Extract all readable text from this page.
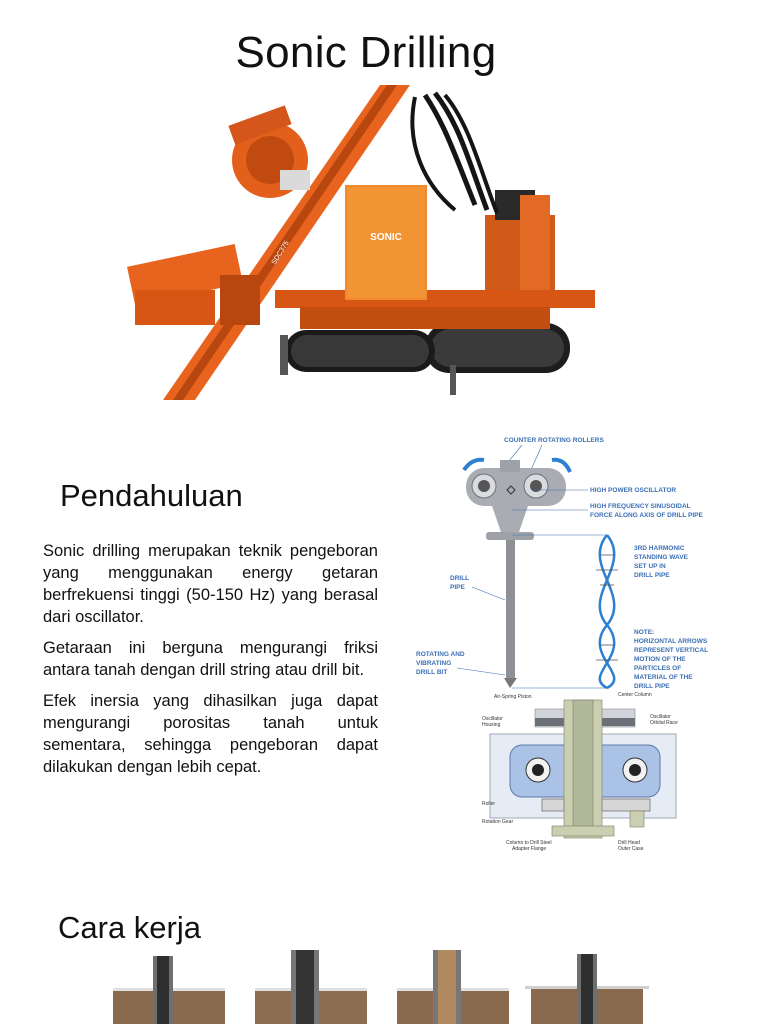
Sonic Drilling
SONIC
SDC375
Pendahuluan

Sonic drilling merupakan teknik pengeboran yang menggunakan energy getaran berfrekuensi tinggi (50-150 Hz) yang berasal dari oscillator.

Getaraan ini berguna mengurangi friksi antara tanah dengan drill string atau drill bit.

Efek inersia yang dihasilkan juga dapat mengurangi porositas tanah untuk sementara, sehingga pengeboran dapat dilakukan dengan lebih cepat.

COUNTER ROTATING ROLLERS
HIGH POWER OSCILLATOR
HIGH FREQUENCY SINUSOIDAL
FORCE ALONG AXIS OF DRILL PIPE
3RD HARMONIC
STANDING WAVE
SET UP IN
DRILL PIPE
DRILL
PIPE
ROTATING AND
VIBRATING
DRILL BIT
NOTE:
HORIZONTAL ARROWS
REPRESENT VERTICAL
MOTION OF THE
PARTICLES OF
MATERIAL OF THE
DRILL PIPE
Air-Spring Piston	Center Column
Oscillator
Housing
Oscillator
Orbital Race
Roller
Rotation Gear
Column to Drill Steel
Adapter Flange
Drill Head
Outer Case
Cara kerja
